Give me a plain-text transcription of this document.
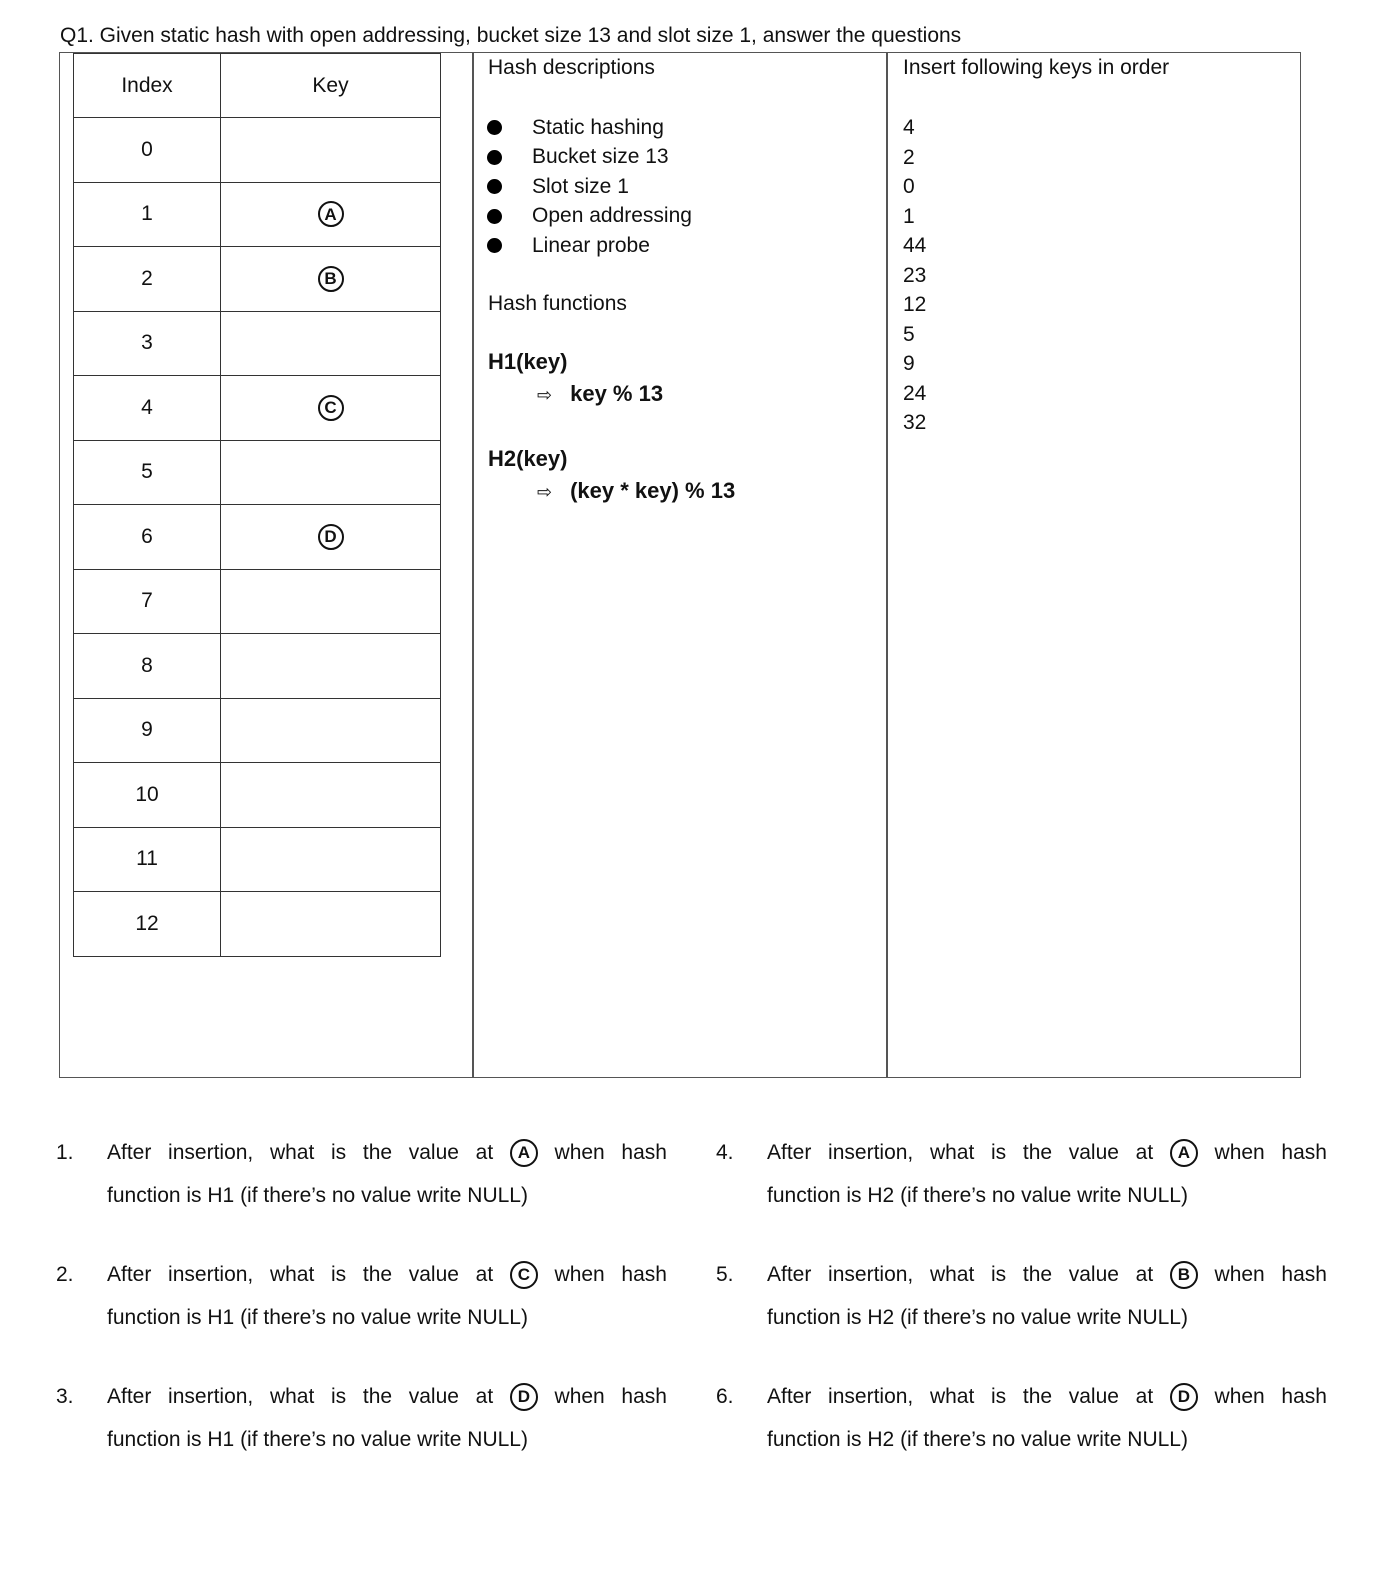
Q1. Given static hash with open addressing, bucket size 13 and slot size 1, answer the questions
Index	Key
0	
1	A
2	B
3	
4	C
5	
6	D
7	
8	
9	
10	
11	
12	
Hash descriptions
Static hashing
Bucket size 13
Slot size 1
Open addressing
Linear probe
Hash functions
H1(key)
⇨ key % 13
H2(key)
⇨ (key * key) % 13
Insert following keys in order
4
2
0
1
44
23
12
5
9
24
32
1. After insertion, what is the value at	A	when hash
function is H1 (if there’s no value write NULL)
2. After insertion, what is the value at	C	when hash
function is H1 (if there’s no value write NULL)
3. After insertion, what is the value at	D	when hash
function is H1 (if there’s no value write NULL)
4. After insertion, what is the value at	A	when hash
function is H2 (if there’s no value write NULL)
5. After insertion, what is the value at	B	when hash
function is H2 (if there’s no value write NULL)
6. After insertion, what is the value at	D	when hash
function is H2 (if there’s no value write NULL)
